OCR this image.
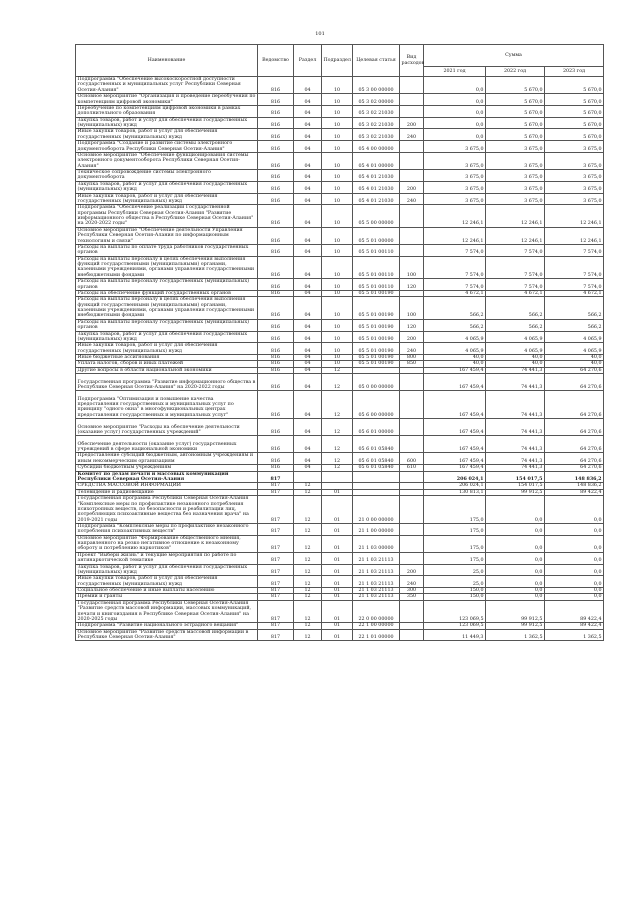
101
Наименование	Ведомство	Раздел	Подраздел	Целевая статья	Вид расходов	Сумма		
						2021 год	2022 год	2023 год
Подпрограмма "Обеспечение высокоскоростной доступности государственных и муниципальных услуг Республики Северная Осетия-Алания"	816	04	10	05 3 00 00000		0,0	5 670,0	5 670,0
Основное мероприятие "Организация и проведение переобучения по компетенциям цифровой экономики"	816	04	10	05 3 02 00000		0,0	5 670,0	5 670,0
Переобучение по компетенциям цифровой экономики в рамках дополнительного образования	816	04	10	05 3 02 21030		0,0	5 670,0	5 670,0
Закупка товаров, работ и услуг для обеспечения государственных (муниципальных) нужд	816	04	10	05 3 02 21030	200	0,0	5 670,0	5 670,0
Иные закупки товаров, работ и услуг для обеспечения государственных (муниципальных) нужд	816	04	10	05 3 02 21030	240	0,0	5 670,0	5 670,0
Подпрограмма "Создание и развитие системы электронного документооборота Республики Северная Осетия-Алания"	816	04	10	05 4 00 00000		3 675,0	3 675,0	3 675,0
Основное мероприятие "Обеспечение функционирования системы электронного документооборота Республики Северная Осетия-Алания"	816	04	10	05 4 01 00000		3 675,0	3 675,0	3 675,0
Техническое сопровождение системы электронного документооборота	816	04	10	05 4 01 21030		3 675,0	3 675,0	3 675,0
Закупка товаров, работ и услуг для обеспечения государственных (муниципальных) нужд	816	04	10	05 4 01 21030	200	3 675,0	3 675,0	3 675,0
Иные закупки товаров, работ и услуг для обеспечения государственных (муниципальных) нужд	816	04	10	05 4 01 21030	240	3 675,0	3 675,0	3 675,0
Подпрограмма "Обеспечение реализации Государственной программы Республики Северная Осетия-Алания "Развитие информационного общества в Республике Северная Осетия-Алания" на 2020-2022 годы"	816	04	10	05 5 00 00000		12 246,1	12 246,1	12 246,1
Основное мероприятие "Обеспечение деятельности Управления Республики Северная Осетия-Алания по информационным технологиям и связи"	816	04	10	05 5 01 00000		12 246,1	12 246,1	12 246,1
Расходы на выплаты по оплате труда работников государственных органов	816	04	10	05 5 01 00110		7 574,0	7 574,0	7 574,0
Расходы на выплаты персоналу в целях обеспечения выполнения функций государственными (муниципальными) органами, казенными учреждениями, органами управления государственными внебюджетными фондами	816	04	10	05 5 01 00110	100	7 574,0	7 574,0	7 574,0
Расходы на выплаты персоналу государственных (муниципальных) органов	816	04	10	05 5 01 00110	120	7 574,0	7 574,0	7 574,0
Расходы на обеспечение функций государственных органов	816	04	10	05 5 01 00190		4 672,1	4 672,1	4 672,1
Расходы на выплаты персоналу в целях обеспечения выполнения функций государственными (муниципальными) органами, казенными учреждениями, органами управления государственными внебюджетными фондами	816	04	10	05 5 01 00190	100	566,2	566,2	566,2
Расходы на выплаты персоналу государственных (муниципальных) органов	816	04	10	05 5 01 00190	120	566,2	566,2	566,2
Закупка товаров, работ и услуг для обеспечения государственных (муниципальных) нужд	816	04	10	05 5 01 00190	200	4 065,9	4 065,9	4 065,9
Иные закупки товаров, работ и услуг для обеспечения государственных (муниципальных) нужд	816	04	10	05 5 01 00190	240	4 065,9	4 065,9	4 065,9
Иные бюджетные ассигнования	816	04	10	05 5 01 00190	800	40,0	40,0	40,0
Уплата налогов, сборов и иных платежей	816	04	10	05 5 01 00190	850	40,0	40,0	40,0
Другие вопросы в области национальной экономики	816	04	12			167 459,4	74 441,3	64 270,6
Государственная программа "Развитие информационного общества в Республике Северная Осетия-Алания" на 2020-2022 годы	816	04	12	05 0 00 00000		167 459,4	74 441,3	64 270,6
Подпрограмма "Оптимизация и повышение качества предоставления государственных и муниципальных услуг по принципу "одного окна" в многофункциональных центрах предоставления государственных и муниципальных услуг"	816	04	12	05 6 00 00000		167 459,4	74 441,3	64 270,6
Основное мероприятие "Расходы на обеспечение деятельности (оказание услуг) государственных учреждений"	816	04	12	05 6 01 00000		167 459,4	74 441,3	64 270,6
Обеспечение деятельности (оказание услуг) государственных учреждений в сфере национальной экономики	816	04	12	05 6 01 05840		167 459,4	74 441,3	64 270,6
Предоставление субсидий бюджетным, автономным учреждениям и иным некоммерческим организациям	816	04	12	05 6 01 05840	600	167 459,4	74 441,3	64 270,6
Субсидии бюджетным учреждениям	816	04	12	05 6 01 05840	610	167 459,4	74 441,3	64 270,6
Комитет по делам печати и массовых коммуникаций Республики Северная Осетия-Алания	817					206 024,1	154 017,5	148 836,2
СРЕДСТВА МАССОВОЙ ИНФОРМАЦИИ	817	12				206 024,1	154 017,5	148 836,2
Телевидение и радиовещание	817	12	01			130 813,1	99 912,5	89 422,4
Государственная программа Республики Северная Осетия-Алания "Комплексные меры по профилактике незаконного потребления психотропных веществ, по безопасности и реабилитации лиц, потребляющих психоактивные вещества без назначения врача" на 2019-2021 годы	817	12	01	21 0 00 00000		175,0	0,0	0,0
Подпрограмма "Комплексные меры по профилактике незаконного потребления психоактивных веществ"	817	12	01	21 1 00 00000		175,0	0,0	0,0
Основное мероприятие "Формирование общественного мнения, направленного на резко негативное отношение к незаконному обороту и потреблению наркотиков"	817	12	01	21 1 03 00000		175,0	0,0	0,0
Проект "Выбери жизнь" и текущие мероприятия по работе по антинаркотической тематике	817	12	01	21 1 03 21113		175,0	0,0	0,0
Закупка товаров, работ и услуг для обеспечения государственных (муниципальных) нужд	817	12	01	21 1 03 21113	200	25,0	0,0	0,0
Иные закупки товаров, работ и услуг для обеспечения государственных (муниципальных) нужд	817	12	01	21 1 03 21113	240	25,0	0,0	0,0
Социальное обеспечение и иные выплаты населению	817	12	01	21 1 03 21113	300	150,0	0,0	0,0
Премии и гранты	817	12	01	21 1 03 21113	350	150,0	0,0	0,0
Государственная программа Республики Северная Осетия-Алания "Развитие средств массовой информации, массовых коммуникаций, печати и книгоиздания в Республике Северная Осетия-Алания" на 2020-2025 годы	817	12	01	22 0 00 00000		123 069,5	99 912,5	89 422,4
Подпрограмма "Развитие национального эстрадного вещания"	817	12	01	22 1 00 00000		123 069,5	99 912,5	89 422,4
Основное мероприятие "Развитие средств массовой информации в Республике Северная Осетия-Алания"	817	12	01	22 1 01 00000		11 449,3	1 362,5	1 362,5
